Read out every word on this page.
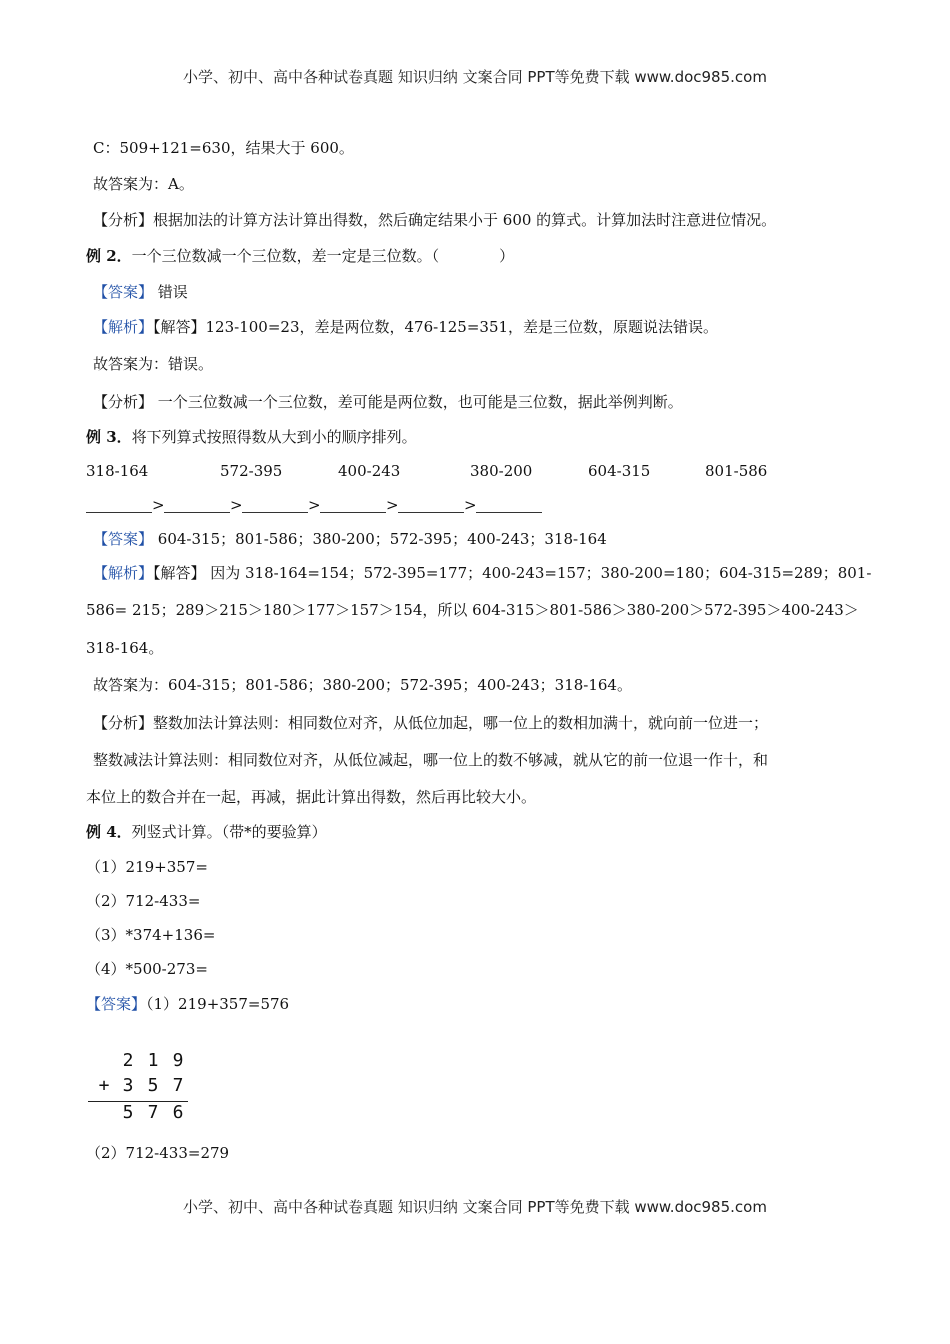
小学、初中、高中各种试卷真题 知识归纳 文案合同 PPT等免费下载 www.doc985.com
C：509+121=630，结果大于 600。
故答案为：A。
【分析】根据加法的计算方法计算出得数，然后确定结果小于 600 的算式。计算加法时注意进位情况。
例 2．一个三位数减一个三位数，差一定是三位数。（　　　　）
【答案】 错误
【解析】【解答】123-100=23，差是两位数，476-125=351，差是三位数，原题说法错误。
故答案为：错误。
【分析】 一个三位数减一个三位数，差可能是两位数，也可能是三位数，据此举例判断。
例 3．将下列算式按照得数从大到小的顺序排列。
318-164	572-395	400-243	380-200	604-315	801-586
>	>	>	>	>
【答案】 604-315；801-586；380-200；572-395；400-243；318-164
【解析】【解答】 因为 318-164=154；572-395=177；400-243=157；380-200=180；604-315=289；801-
586= 215；289＞215＞180＞177＞157＞154，所以 604-315＞801-586＞380-200＞572-395＞400-243＞
318-164。
故答案为：604-315；801-586；380-200；572-395；400-243；318-164。
【分析】整数加法计算法则：相同数位对齐，从低位加起，哪一位上的数相加满十，就向前一位进一；
整数减法计算法则：相同数位对齐，从低位减起，哪一位上的数不够减，就从它的前一位退一作十，和
本位上的数合并在一起，再减，据此计算出得数，然后再比较大小。
例 4．列竖式计算。（带*的要验算）
（1）219+357=
（2）712-433=
（3）*374+136=
（4）*500-273=
【答案】（1）219+357=576
2 1 9
+ 3 5 7
5 7 6
（2）712-433=279
小学、初中、高中各种试卷真题 知识归纳 文案合同 PPT等免费下载 www.doc985.com
